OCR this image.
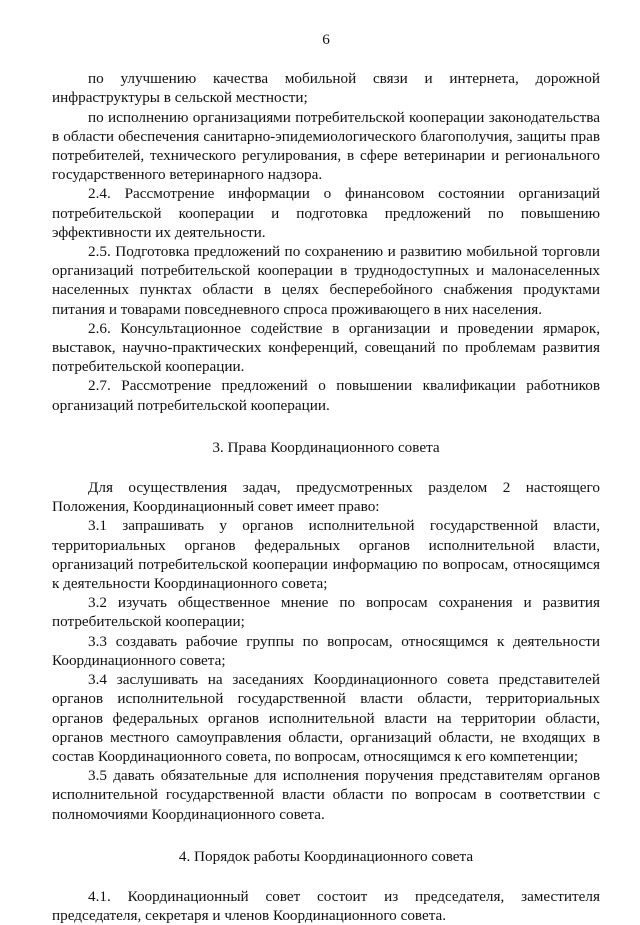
6

по улучшению качества мобильной связи и интернета, дорожной инфраструктуры в сельской местности;

по исполнению организациями потребительской кооперации законодательства в области обеспечения санитарно-эпидемиологического благополучия, защиты прав потребителей, технического регулирования, в сфере ветеринарии и регионального государственного ветеринарного надзора.

2.4. Рассмотрение информации о финансовом состоянии организаций потребительской кооперации и подготовка предложений по повышению эффективности их деятельности.

2.5. Подготовка предложений по сохранению и развитию мобильной торговли организаций потребительской кооперации в труднодоступных и малонаселенных населенных пунктах области в целях бесперебойного снабжения продуктами питания и товарами повседневного спроса проживающего в них населения.

2.6. Консультационное содействие в организации и проведении ярмарок, выставок, научно-практических конференций, совещаний по проблемам развития потребительской кооперации.

2.7. Рассмотрение предложений о повышении квалификации работников организаций потребительской кооперации.

3. Права Координационного совета

Для осуществления задач, предусмотренных разделом 2 настоящего Положения, Координационный совет имеет право:

3.1 запрашивать у органов исполнительной государственной власти, территориальных органов федеральных органов исполнительной власти, организаций потребительской кооперации информацию по вопросам, относящимся к деятельности Координационного совета;

3.2 изучать общественное мнение по вопросам сохранения и развития потребительской кооперации;

3.3 создавать рабочие группы по вопросам, относящимся к деятельности Координационного совета;

3.4 заслушивать на заседаниях Координационного совета представителей органов исполнительной государственной власти области, территориальных органов федеральных органов исполнительной власти на территории области, органов местного самоуправления области, организаций области, не входящих в состав Координационного совета, по вопросам, относящимся к его компетенции;

3.5 давать обязательные для исполнения поручения представителям органов исполнительной государственной власти области по вопросам в соответствии с полномочиями Координационного совета.

4. Порядок работы Координационного совета

4.1. Координационный совет состоит из председателя, заместителя председателя, секретаря и членов Координационного совета.
